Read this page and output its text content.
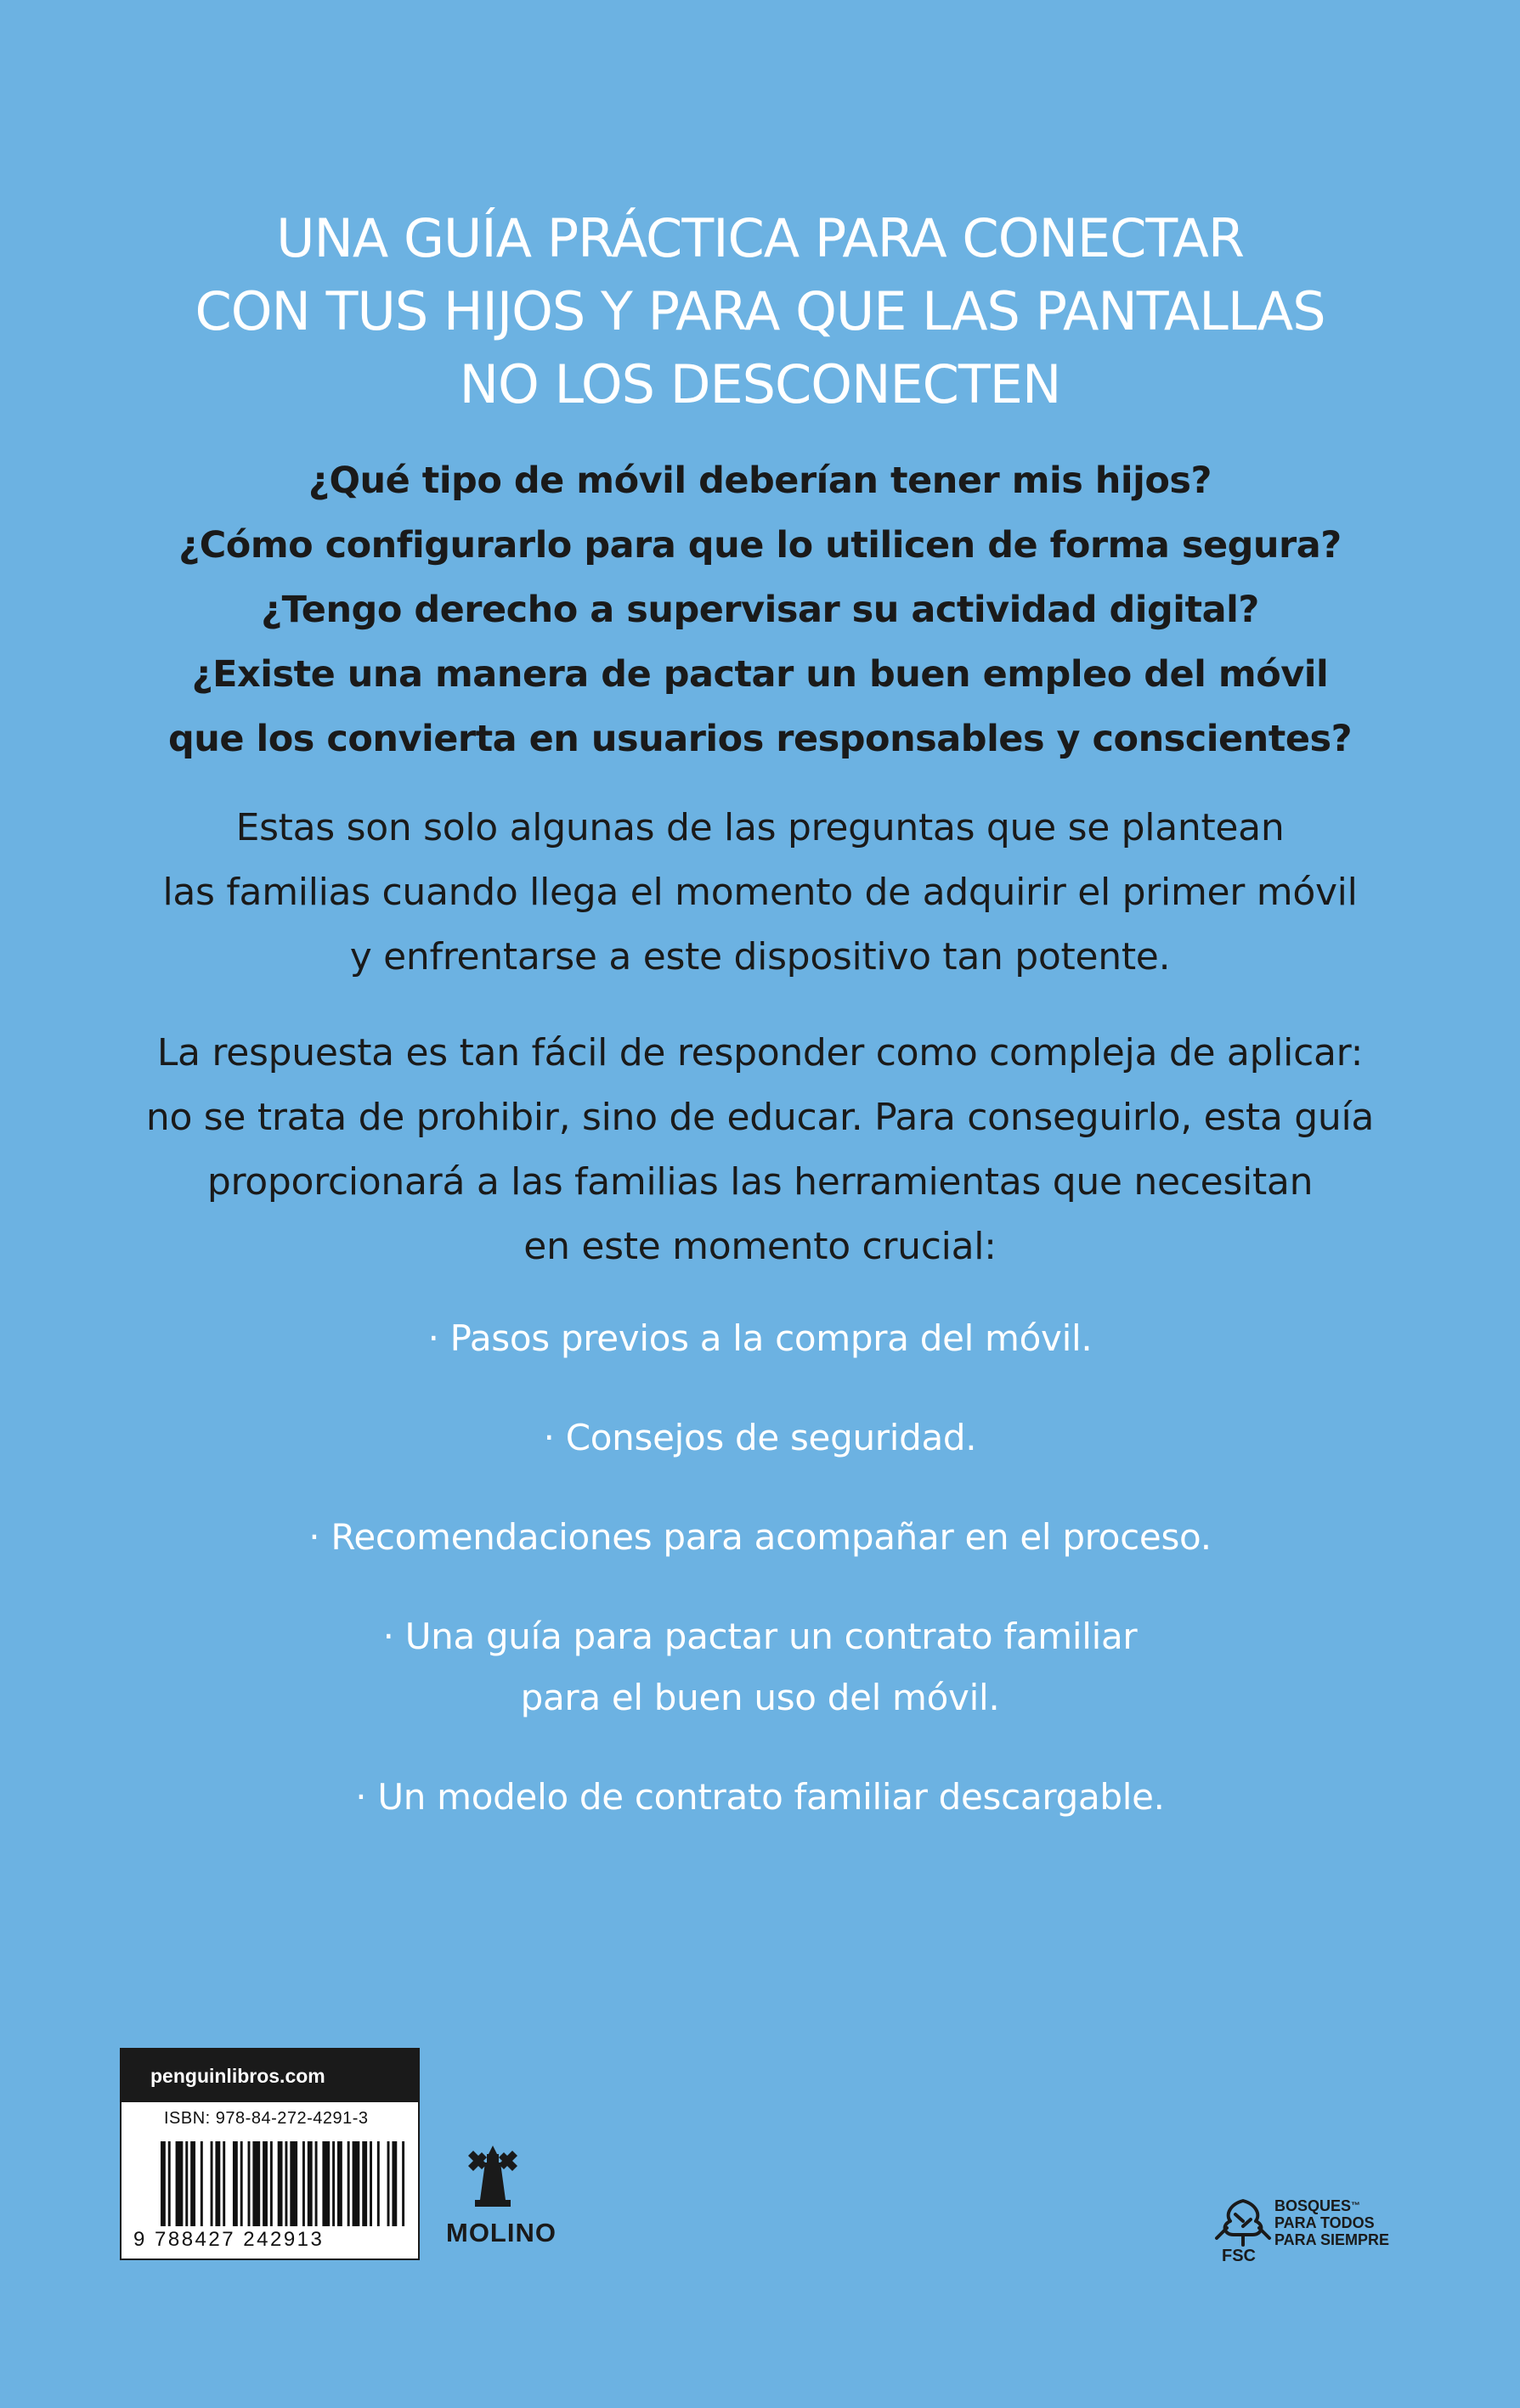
UNA GUÍA PRÁCTICA PARA CONECTAR
CON TUS HIJOS Y PARA QUE LAS PANTALLAS
NO LOS DESCONECTEN
¿Qué tipo de móvil deberían tener mis hijos?
¿Cómo configurarlo para que lo utilicen de forma segura?
¿Tengo derecho a supervisar su actividad digital?
¿Existe una manera de pactar un buen empleo del móvil
que los convierta en usuarios responsables y conscientes?
Estas son solo algunas de las preguntas que se plantean
las familias cuando llega el momento de adquirir el primer móvil
y enfrentarse a este dispositivo tan potente.
La respuesta es tan fácil de responder como compleja de aplicar:
no se trata de prohibir, sino de educar. Para conseguirlo, esta guía
proporcionará a las familias las herramientas que necesitan
en este momento crucial:
· Pasos previos a la compra del móvil.
· Consejos de seguridad.
· Recomendaciones para acompañar en el proceso.
· Una guía para pactar un contrato familiar
para el buen uso del móvil.
· Un modelo de contrato familiar descargable.
penguinlibros.com
ISBN: 978-84-272-4291-3
9 788427 242913	MOLINO
FSC
BOSQUES™
PARA TODOS
PARA SIEMPRE
